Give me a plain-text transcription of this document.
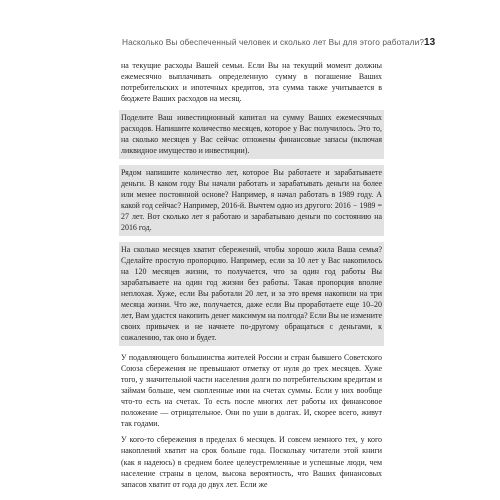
Насколько Вы обеспеченный человек и сколько лет Вы для этого работали? 13

на текущие расходы Вашей семьи. Если Вы на текущий момент должны ежемесячно выплачивать определенную сумму в погашение Ваших потребительских и ипотечных кредитов, эта сумма также учитывается в бюджете Ваших расходов на месяц.

Поделите Ваш инвестиционный капитал на сумму Ваших ежемесячных расходов. Напишите количество месяцев, которое у Вас получилось. Это то, на сколько месяцев у Вас сейчас отложены финансовые запасы (включая ликвидное имущество и инвестиции).

Рядом напишите количество лет, которое Вы работаете и зарабатываете деньги. В каком году Вы начали работать и зарабатывать деньги на более или менее постоянной основе? Например, я начал работать в 1989 году. А какой год сейчас? Например, 2016-й. Вычтем одно из другого: 2016 − 1989 = 27 лет. Вот сколько лет я работаю и зарабатываю деньги по состоянию на 2016 год.

На сколько месяцев хватит сбережений, чтобы хорошо жила Ваша семья? Сделайте простую пропорцию. Например, если за 10 лет у Вас накопилось на 120 месяцев жизни, то получается, что за один год работы Вы зарабатываете на один год жизни без работы. Такая пропорция вполне неплохая. Хуже, если Вы работали 20 лет, и за это время накопили на три месяца жизни. Что же, получается, даже если Вы проработаете еще 10–20 лет, Вам удастся накопить денег максимум на полгода? Если Вы не измените своих привычек и не начнете по-другому обращаться с деньгами, к сожалению, так оно и будет.

У подавляющего большинства жителей России и стран бывшего Советского Союза сбережения не превышают отметку от нуля до трех месяцев. Хуже того, у значительной части населения долги по потребительским кредитам и займам больше, чем скопленные ими на счетах суммы. Если у них вообще что-то есть на счетах. То есть после многих лет работы их финансовое положение — отрицательное. Они по уши в долгах. И, скорее всего, живут так годами.

У кого-то сбережения в пределах 6 месяцев. И совсем немного тех, у кого накоплений хватит на срок больше года. Поскольку читатели этой книги (как я надеюсь) в среднем более целеустремленные и успешные люди, чем население страны в целом, высока вероятность, что Ваших финансовых запасов хватит от года до двух лет. Если же
